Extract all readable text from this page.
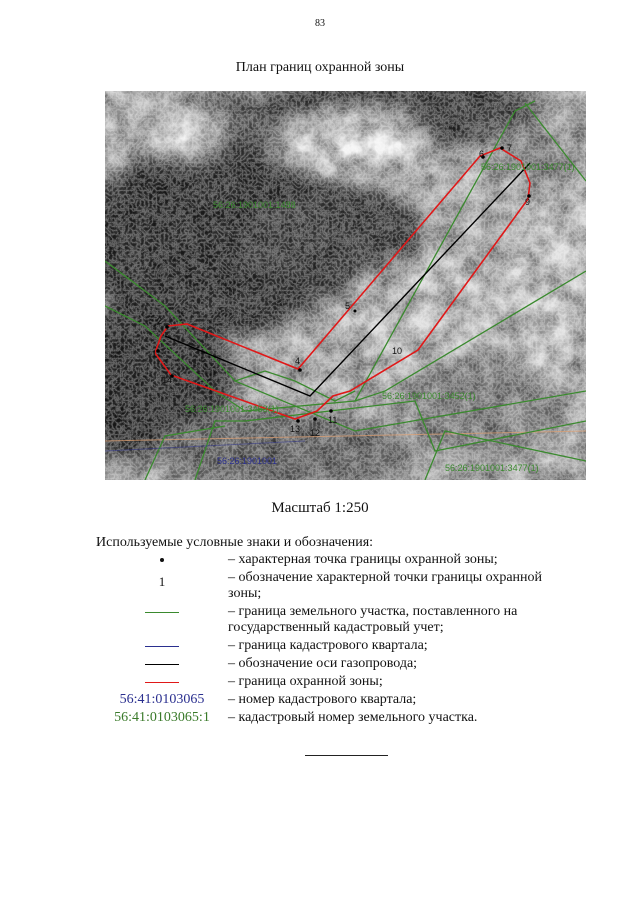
83
План границ охранной зоны
1
2
4
5
6
7
9
10
11
12
13
14
56:26:1901001:1488
56:26:1901001:3452(1)
56:26:1901001:3453(1)
56:26:1901001:3477(1)
56:26:1901001:3477(1)
56:26:1901001
Масштаб 1:250
Используемые условные знаки и обозначения:
– характерная точка границы охранной зоны;
1	– обозначение характерной точки границы охранной зоны;
– граница земельного участка, поставленного на государственный кадастровый учет;
– граница кадастрового квартала;
– обозначение оси газопровода;
– граница охранной зоны;
56:41:0103065 – номер кадастрового квартала;
56:41:0103065:1 – кадастровый номер земельного участка.
